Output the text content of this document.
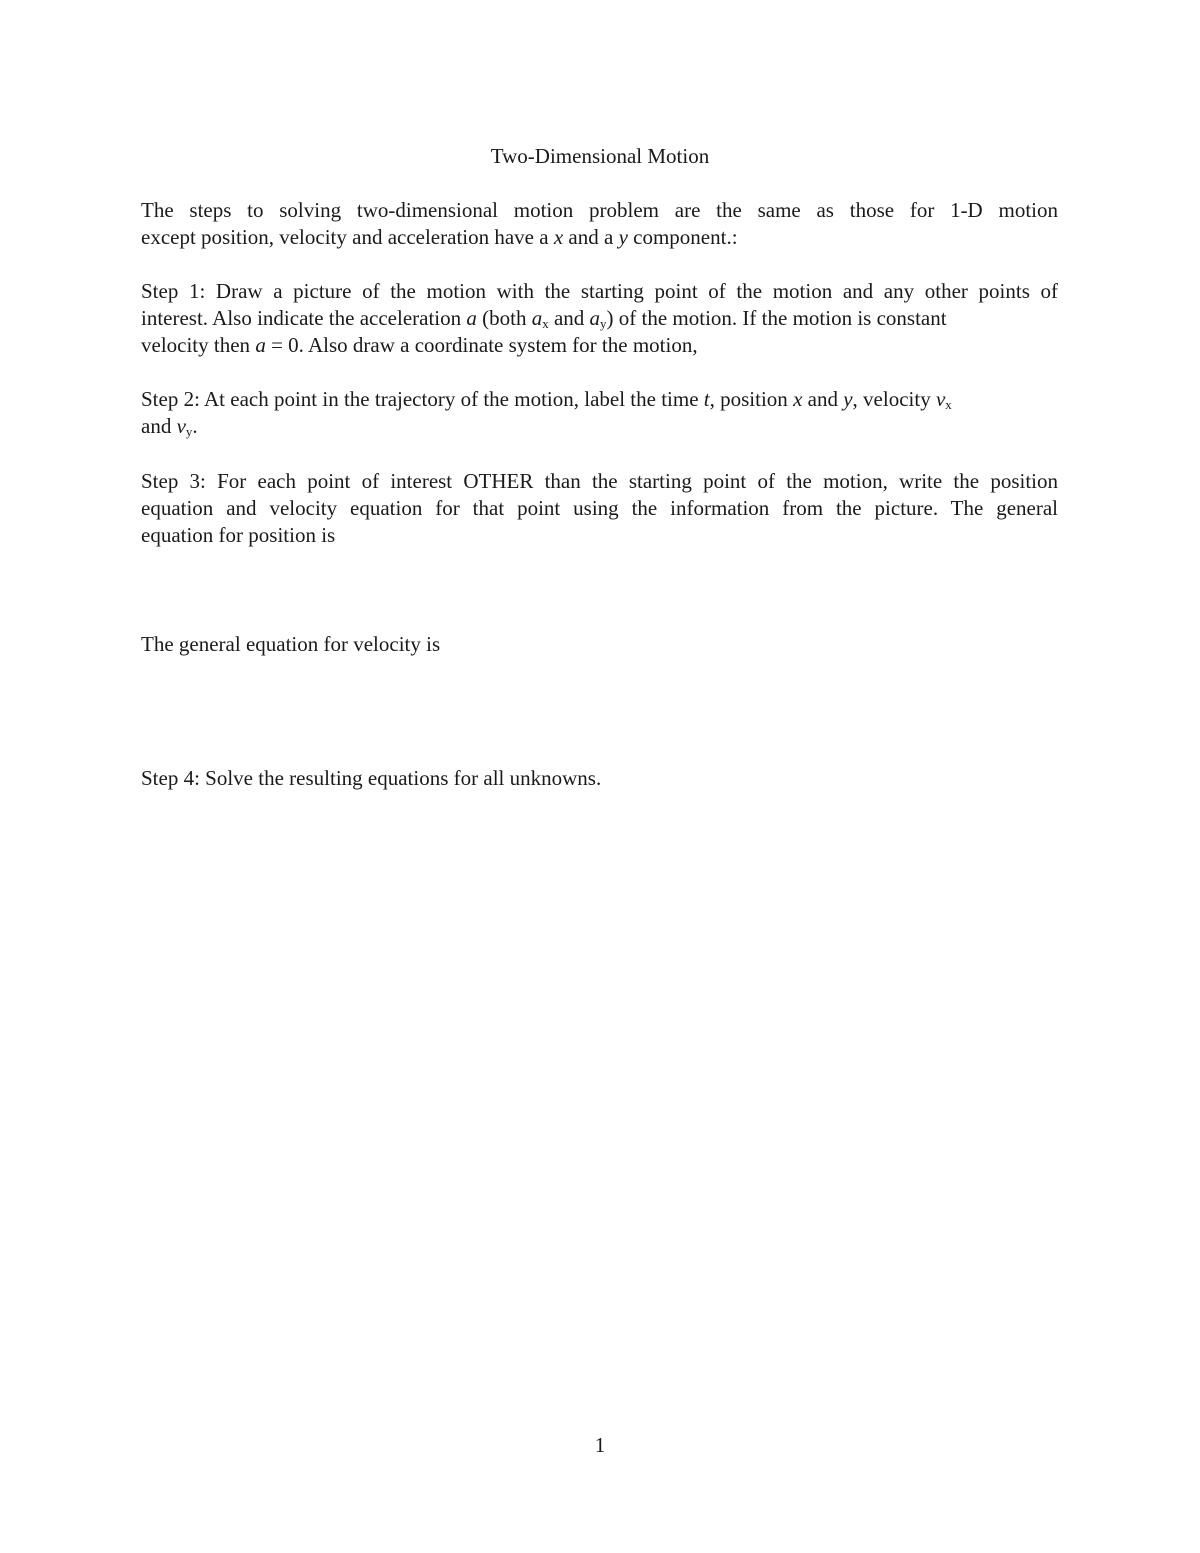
Two-Dimensional Motion
The steps to solving two-dimensional motion problem are the same as those for 1-D motion
except position, velocity and acceleration have a x and a y component.:
Step 1: Draw a picture of the motion with the starting point of the motion and any other points of
interest. Also indicate the acceleration a (both $a_x$ and $a_y$) of the motion. If the motion is constant
velocity then a = 0. Also draw a coordinate system for the motion,
Step 2: At each point in the trajectory of the motion, label the time t, position x and y, velocity $v_x$
and $v_y$.
Step 3: For each point of interest OTHER than the starting point of the motion, write the position
equation and velocity equation for that point using the information from the picture. The general
equation for position is
The general equation for velocity is
Step 4: Solve the resulting equations for all unknowns.
1
